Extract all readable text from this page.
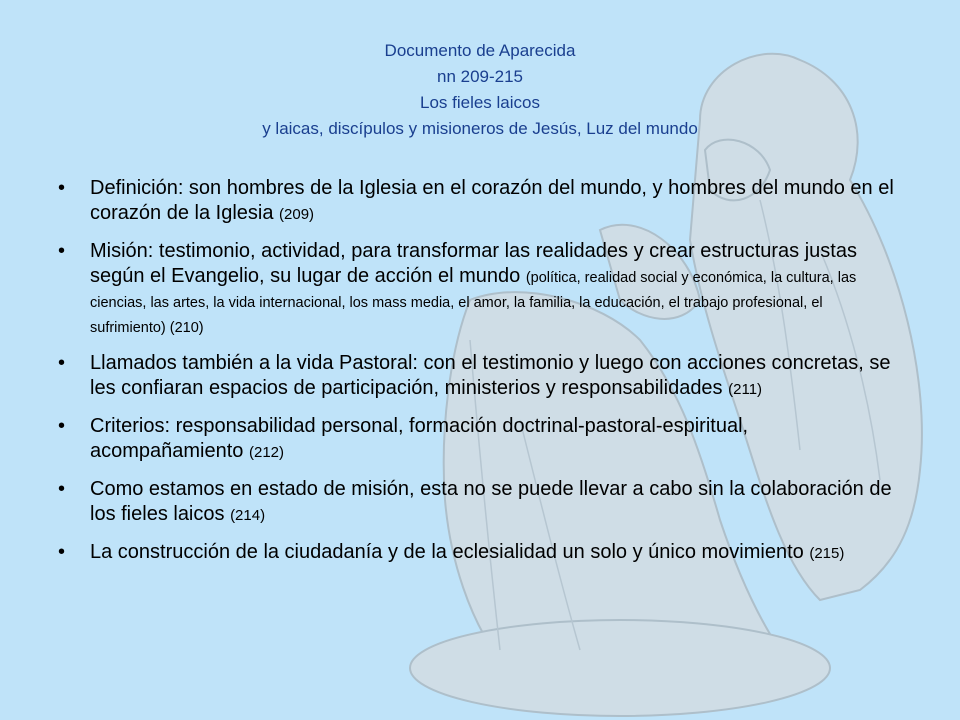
Documento de Aparecida
nn 209-215
Los fieles laicos
y laicas, discípulos y misioneros de Jesús, Luz del mundo
• Definición: son hombres de la Iglesia en el corazón del mundo, y hombres del mundo en el corazón de la Iglesia (209)
• Misión: testimonio, actividad, para transformar las realidades y crear estructuras justas según el Evangelio, su lugar de acción el mundo (política, realidad social y económica, la cultura, las ciencias, las artes, la vida internacional, los mass media, el amor, la familia, la educación, el trabajo profesional, el sufrimiento) (210)
• Llamados también a la vida Pastoral: con el testimonio y luego con acciones concretas, se les confiaran espacios de participación, ministerios y responsabilidades (211)
• Criterios: responsabilidad personal, formación doctrinal-pastoral-espiritual, acompañamiento (212)
• Como estamos en estado de misión, esta no se puede llevar a cabo sin la colaboración de los fieles laicos (214)
• La construcción de la ciudadanía y de la eclesialidad un solo y único movimiento (215)
